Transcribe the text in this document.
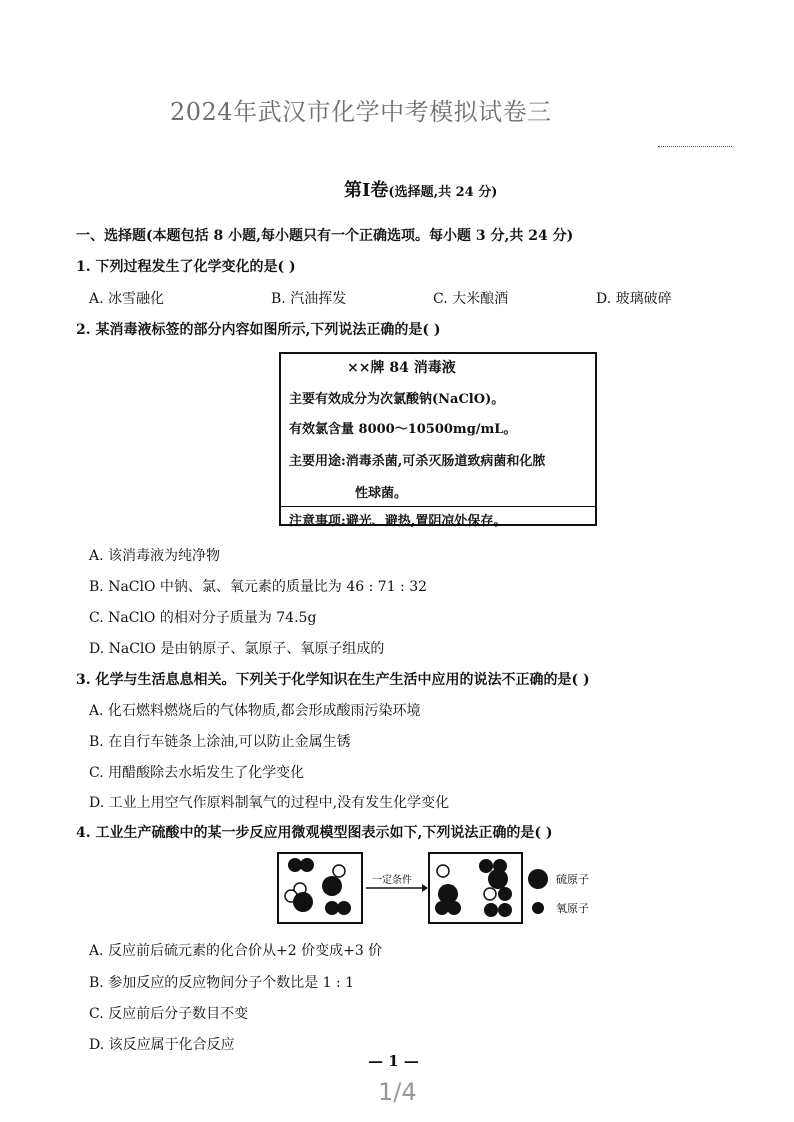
2024年武汉市化学中考模拟试卷三
第Ⅰ卷(选择题,共 24 分)
一、选择题(本题包括 8 小题,每小题只有一个正确选项。每小题 3 分,共 24 分)
1. 下列过程发生了化学变化的是( )
A. 冰雪融化	B. 汽油挥发	C. 大米酿酒	D. 玻璃破碎
2. 某消毒液标签的部分内容如图所示,下列说法正确的是( )
××牌 84 消毒液
主要有效成分为次氯酸钠(NaClO)。
有效氯含量 8000～10500mg/mL。
主要用途:消毒杀菌,可杀灭肠道致病菌和化脓
性球菌。
注意事项:避光、避热,置阴凉处保存。
A. 该消毒液为纯净物
B. NaClO 中钠、氯、氧元素的质量比为 46 : 71 : 32
C. NaClO 的相对分子质量为 74.5g
D. NaClO 是由钠原子、氯原子、氧原子组成的
3. 化学与生活息息相关。下列关于化学知识在生产生活中应用的说法不正确的是( )
A. 化石燃料燃烧后的气体物质,都会形成酸雨污染环境
B. 在自行车链条上涂油,可以防止金属生锈
C. 用醋酸除去水垢发生了化学变化
D. 工业上用空气作原料制氧气的过程中,没有发生化学变化
4. 工业生产硫酸中的某一步反应用微观模型图表示如下,下列说法正确的是( )
一定条件	硫原子
氧原子
A. 反应前后硫元素的化合价从+2 价变成+3 价
B. 参加反应的反应物间分子个数比是 1 : 1
C. 反应前后分子数目不变
D. 该反应属于化合反应
— 1 —
1/4
